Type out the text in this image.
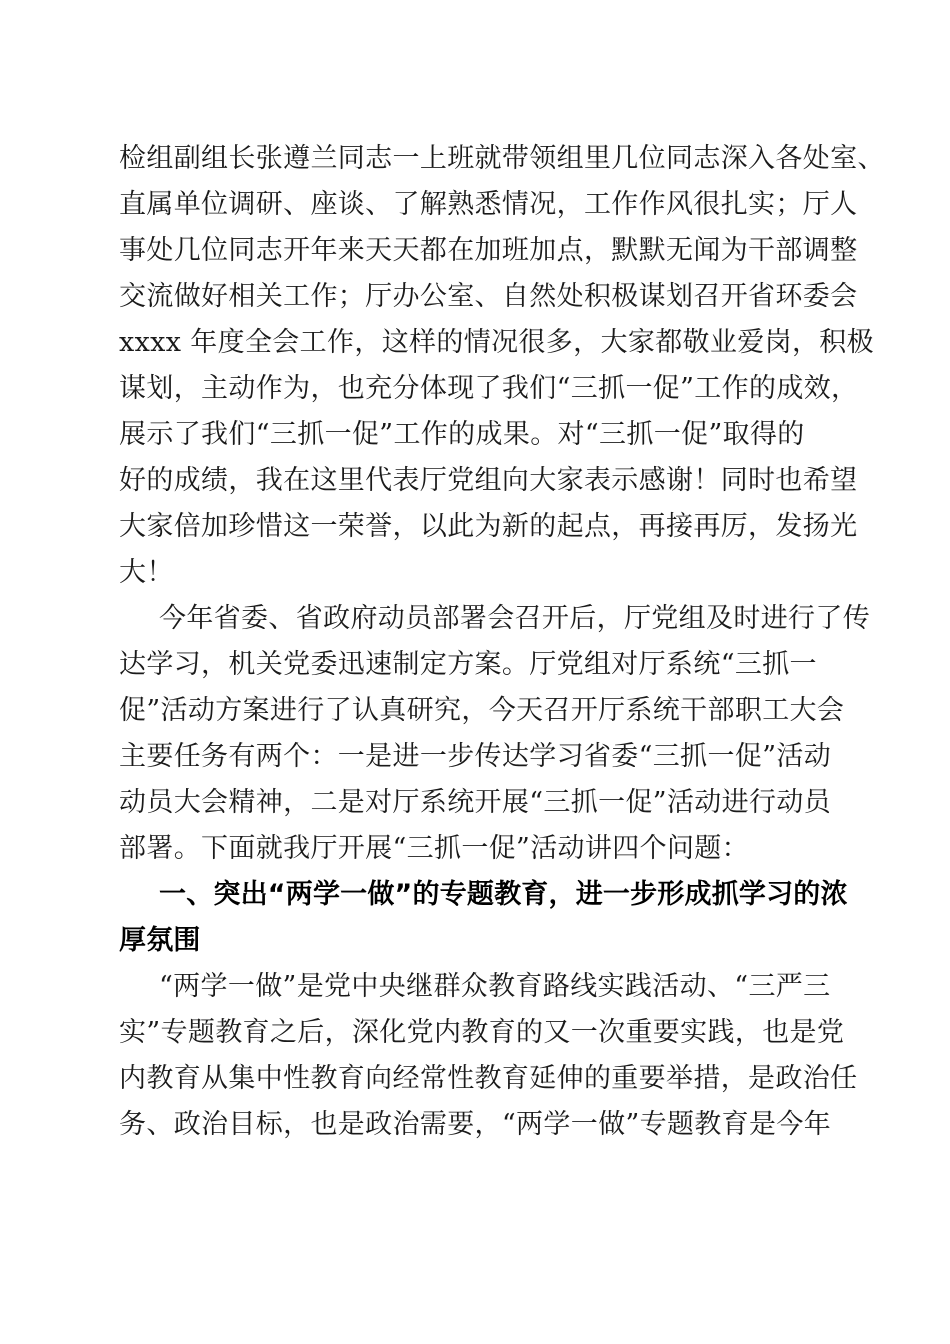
检组副组长张遵兰同志一上班就带领组里几位同志深入各处室、
直属单位调研、座谈、了解熟悉情况，工作作风很扎实；厅人
事处几位同志开年来天天都在加班加点，默默无闻为干部调整
交流做好相关工作；厅办公室、自然处积极谋划召开省环委会
xxxx 年度全会工作，这样的情况很多，大家都敬业爱岗，积极
谋划，主动作为，也充分体现了我们“三抓一促”工作的成效，
展示了我们“三抓一促”工作的成果。对“三抓一促”取得的
好的成绩，我在这里代表厅党组向大家表示感谢！同时也希望
大家倍加珍惜这一荣誉，以此为新的起点，再接再厉，发扬光
大！
今年省委、省政府动员部署会召开后，厅党组及时进行了传
达学习，机关党委迅速制定方案。厅党组对厅系统“三抓一
促”活动方案进行了认真研究，今天召开厅系统干部职工大会
主要任务有两个：一是进一步传达学习省委“三抓一促”活动
动员大会精神，二是对厅系统开展“三抓一促”活动进行动员
部署。下面就我厅开展“三抓一促”活动讲四个问题：
一、突出“两学一做”的专题教育，进一步形成抓学习的浓
厚氛围
“两学一做”是党中央继群众教育路线实践活动、“三严三
实”专题教育之后，深化党内教育的又一次重要实践，也是党
内教育从集中性教育向经常性教育延伸的重要举措，是政治任
务、政治目标，也是政治需要，“两学一做”专题教育是今年
